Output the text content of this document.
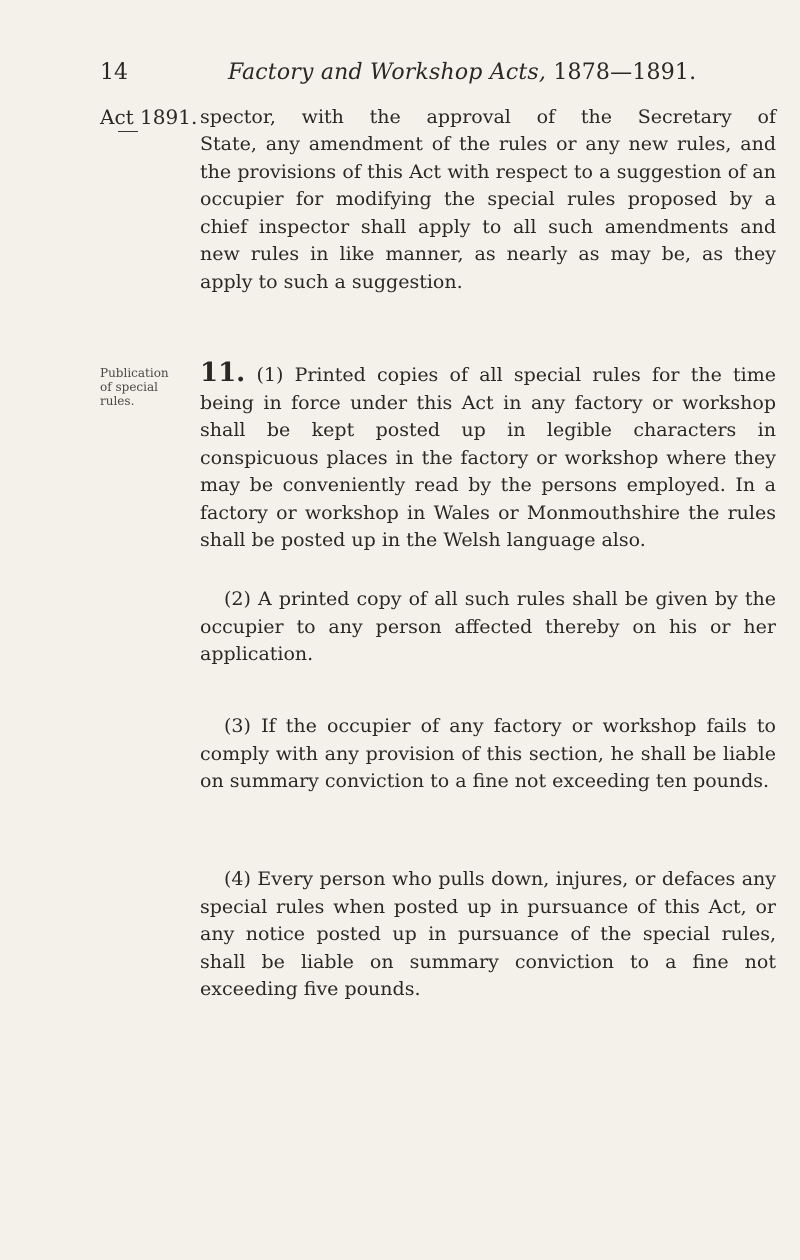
14	Factory and Workshop Acts, 1878—1891.
Act 1891. spector, with the approval of the Secretary of
State, any amendment of the rules or any new rules, and the provisions of this Act with respect to a suggestion of an occupier for modifying the special rules proposed by a chief inspector shall apply to all such amendments and new rules in like manner, as nearly as may be, as they apply to such a suggestion.
Publication of special rules.
11. (1) Printed copies of all special rules for the time being in force under this Act in any factory or workshop shall be kept posted up in legible characters in conspicuous places in the factory or workshop where they may be conveniently read by the persons employed. In a factory or workshop in Wales or Monmouthshire the rules shall be posted up in the Welsh language also.
(2) A printed copy of all such rules shall be given by the occupier to any person affected thereby on his or her application.
(3) If the occupier of any factory or workshop fails to comply with any provision of this section, he shall be liable on summary conviction to a fine not exceeding ten pounds.
(4) Every person who pulls down, injures, or defaces any special rules when posted up in pursuance of this Act, or any notice posted up in pursuance of the special rules, shall be liable on summary conviction to a fine not exceeding five pounds.
